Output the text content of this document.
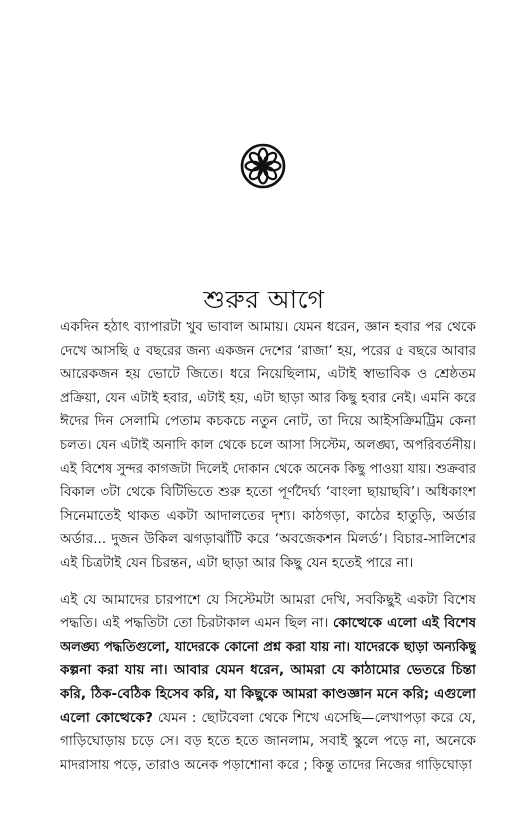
শুরুর আগে
একদিন হঠাৎ ব্যাপারটা খুব ভাবাল আমায়। যেমন ধরেন, জ্ঞান হবার পর থেকে
দেখে আসছি ৫ বছরের জন্য একজন দেশের ‘রাজা’ হয়, পরের ৫ বছরে আবার
আরেকজন হয় ভোটে জিতে। ধরে নিয়েছিলাম, এটাই স্বাভাবিক ও শ্রেষ্ঠতম
প্রক্রিয়া, যেন এটাই হবার, এটাই হয়, এটা ছাড়া আর কিছু হবার নেই। এমনি করে
ঈদের দিন সেলামি পেতাম কচকচে নতুন নোট, তা দিয়ে আইসক্রিমট্রিম কেনা
চলত। যেন এটাই অনাদি কাল থেকে চলে আসা সিস্টেম, অলঙ্ঘ্য, অপরিবর্তনীয়।
এই বিশেষ সুন্দর কাগজটা দিলেই দোকান থেকে অনেক কিছু পাওয়া যায়। শুক্রবার
বিকাল ৩টা থেকে বিটিভিতে শুরু হতো পূর্ণদৈর্ঘ্য ‘বাংলা ছায়াছবি’। অধিকাংশ
সিনেমাতেই থাকত একটা আদালতের দৃশ্য। কাঠগড়া, কাঠের হাতুড়ি, অর্ডার
অর্ডার... দুজন উকিল ঝগড়াঝাঁটি করে ‘অবজেকশন মিলর্ড’। বিচার-সালিশের
এই চিত্রটাই যেন চিরন্তন, এটা ছাড়া আর কিছু যেন হতেই পারে না।
এই যে আমাদের চারপাশে যে সিস্টেমটা আমরা দেখি, সবকিছুই একটা বিশেষ
পদ্ধতি। এই পদ্ধতিটা তো চিরটাকাল এমন ছিল না। কোত্থেকে এলো এই বিশেষ
অলঙ্ঘ্য পদ্ধতিগুলো, যাদেরকে কোনো প্রশ্ন করা যায় না। যাদেরকে ছাড়া অন্যকিছু
কল্পনা করা যায় না। আবার যেমন ধরেন, আমরা যে কাঠামোর ভেতরে চিন্তা
করি, ঠিক-বেঠিক হিসেব করি, যা কিছুকে আমরা কাণ্ডজ্ঞান মনে করি; এগুলো
এলো কোত্থেকে? যেমন : ছোটবেলা থেকে শিখে এসেছি—লেখাপড়া করে যে,
গাড়িঘোড়ায় চড়ে সে। বড় হতে হতে জানলাম, সবাই স্কুলে পড়ে না, অনেকে
মাদরাসায় পড়ে, তারাও অনেক পড়াশোনা করে ; কিন্তু তাদের নিজের গাড়িঘোড়া
